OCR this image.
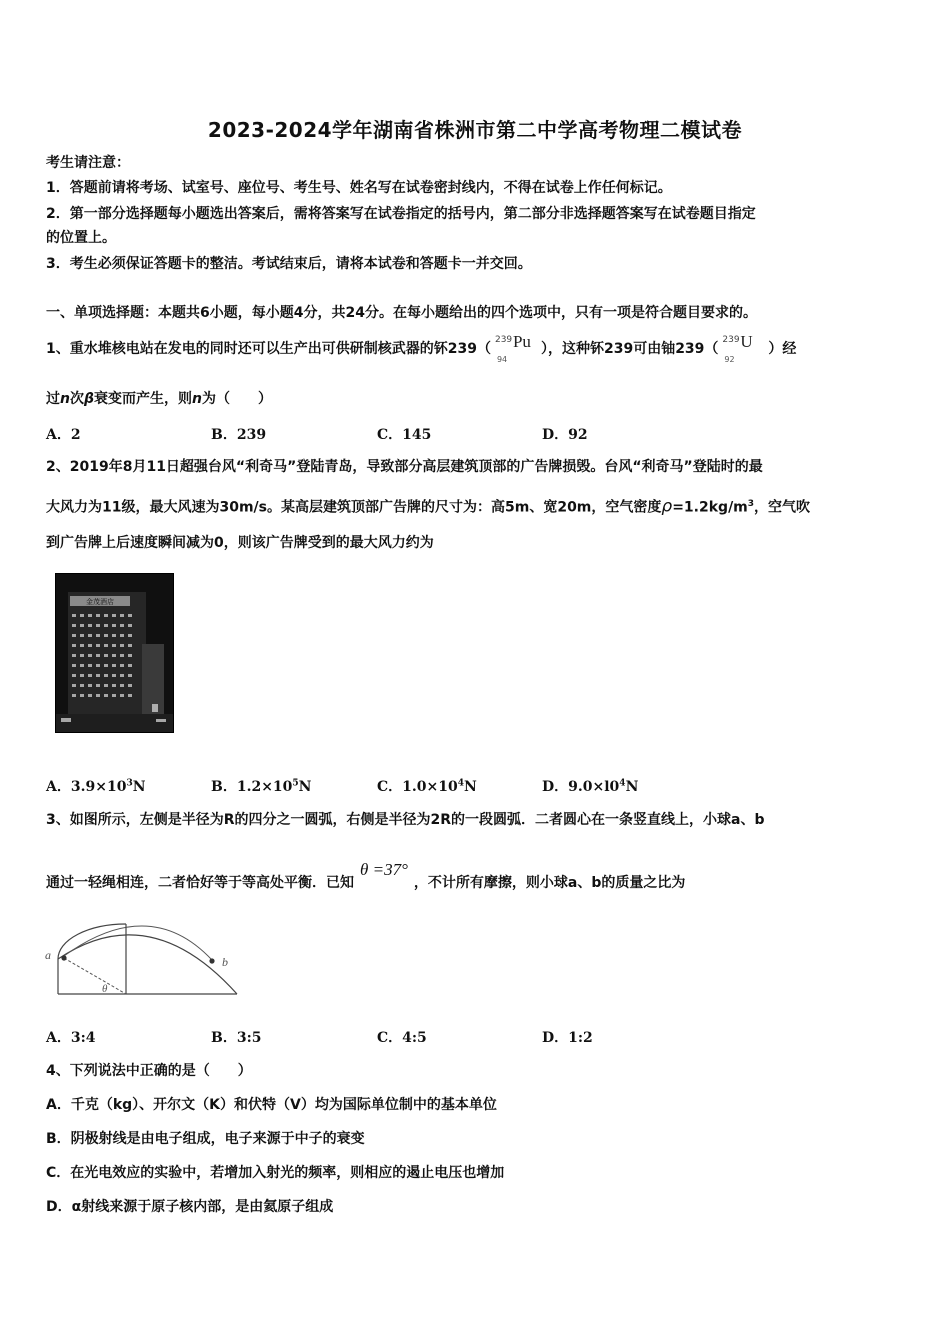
2023-2024学年湖南省株洲市第二中学高考物理二模试卷
考生请注意：
1．答题前请将考场、试室号、座位号、考生号、姓名写在试卷密封线内，不得在试卷上作任何标记。
2．第一部分选择题每小题选出答案后，需将答案写在试卷指定的括号内，第二部分非选择题答案写在试卷题目指定
的位置上。
3．考生必须保证答题卡的整洁。考试结束后，请将本试卷和答题卡一并交回。
一、单项选择题：本题共6小题，每小题4分，共24分。在每小题给出的四个选项中，只有一项是符合题目要求的。
1、重水堆核电站在发电的同时还可以生产出可供研制核武器的钚239（
239
94
Pu ），这种钚239可由铀239（
239
92
U ）经
过n次β衰变而产生，则n为（　　）
A．2	B．239	C．145	D．92
2、2019年8月11日超强台风“利奇马”登陆青岛，导致部分高层建筑顶部的广告牌损毁。台风“利奇马”登陆时的最
大风力为11级，最大风速为30m/s。某高层建筑顶部广告牌的尺寸为：高5m、宽20m，空气密度$\rho=1.2kg/m^3$，空气吹
到广告牌上后速度瞬间减为0，则该广告牌受到的最大风力约为
金茂酒店
A．$3.9\times 10^3N$	B．$1.2\times 10^5N$	C．$1.0\times 10^4N$	D．$9.0\times l0^4N$
3、如图所示，左侧是半径为R的四分之一圆弧，右侧是半径为2R的一段圆弧．二者圆心在一条竖直线上，小球a、b
通过一轻绳相连，二者恰好等于等高处平衡．已知θ =37°，不计所有摩擦，则小球a、b的质量之比为
a	b
θ
A．3:4	B．3:5	C．4:5	D．1:2
4、下列说法中正确的是（　　）
A．千克（kg）、开尔文（K）和伏特（V）均为国际单位制中的基本单位
B．阴极射线是由电子组成，电子来源于中子的衰变
C．在光电效应的实验中，若增加入射光的频率，则相应的遏止电压也增加
D．α射线来源于原子核内部，是由氦原子组成
